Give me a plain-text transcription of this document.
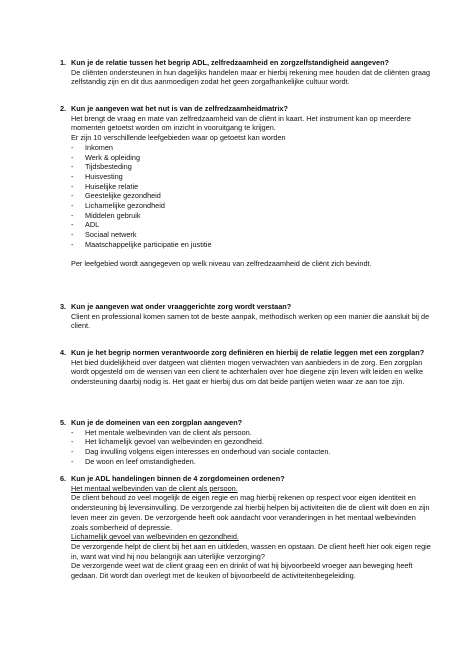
1. Kun je de relatie tussen het begrip ADL, zelfredzaamheid en zorgzelfstandigheid aangeven?

De cliënten ondersteunen in hun dagelijks handelen maar er hierbij rekening mee houden dat de cliënten graag zelfstandig zijn en dit dus aanmoedigen zodat het geen zorgafhankelijke cultuur wordt.

2. Kun je aangeven wat het nut is van de zelfredzaamheidmatrix?

Het brengt de vraag en mate van zelfredzaamheid van de cliënt in kaart. Het instrument kan op meerdere momenten getoetst worden om inzicht in vooruitgang te krijgen.

Er zijn 10 verschillende leefgebieden waar op getoetst kan worden

- Inkomen
- Werk & opleiding
- Tijdsbesteding
- Huisvesting
- Huiselijke relatie
- Geestelijke gezondheid
- Lichamelijke gezondheid
- Middelen gebruik
- ADL
- Sociaal netwerk
- Maatschappelijke participatie en justitie

Per leefgebied wordt aangegeven op welk niveau van zelfredzaamheid de cliënt zich bevindt.

3. Kun je aangeven wat onder vraaggerichte zorg wordt verstaan?

Client en professional komen samen tot de beste aanpak, methodisch werken op een manier die aansluit bij de client.

4. Kun je het begrip normen verantwoorde zorg definiëren en hierbij de relatie leggen met een zorgplan?

Het bied duidelijkheid over datgeen wat cliënten mogen verwachten van aanbieders in de zorg. Een zorgplan wordt opgesteld om de wensen van een client te achterhalen over hoe diegene zijn leven wilt leiden en welke ondersteuning daarbij nodig is. Het gaat er hierbij dus om dat beide partijen weten waar ze aan toe zijn.

5. Kun je de domeinen van een zorgplan aangeven?

- Het mentale welbevinden van de client als persoon.
- Het lichamelijk gevoel van welbevinden en gezondheid.
- Dag invulling volgens eigen interesses en onderhoud van sociale contacten.
- De woon en leef omstandigheden.
6. Kun je ADL handelingen binnen de 4 zorgdomeinen ordenen?

Het mentaal welbevinden van de client als persoon.

De client behoud zo veel mogelijk de eigen regie en mag hierbij rekenen op respect voor eigen identiteit en ondersteuning bij levensinvulling. De verzorgende zal hierbij helpen bij activiteiten die de client wilt doen en zijn leven meer zin geven. De verzorgende heeft ook aandacht voor veranderingen in het mentaal welbevinden zoals somberheid of depressie.

Lichamelijk gevoel van welbevinden en gezondheid.

De verzorgende helpt de client bij het aan en uitkleden, wassen en opstaan. De client heeft hier ook eigen regie in, want wat vind hij nou belangrijk aan uiterlijke verzorging?

De verzorgende weet wat de client graag een en drinkt of wat hij bijvoorbeeld vroeger aan beweging heeft gedaan. Dit wordt dan overlegt met de keuken of bijvoorbeeld de activiteitenbegeleiding.
